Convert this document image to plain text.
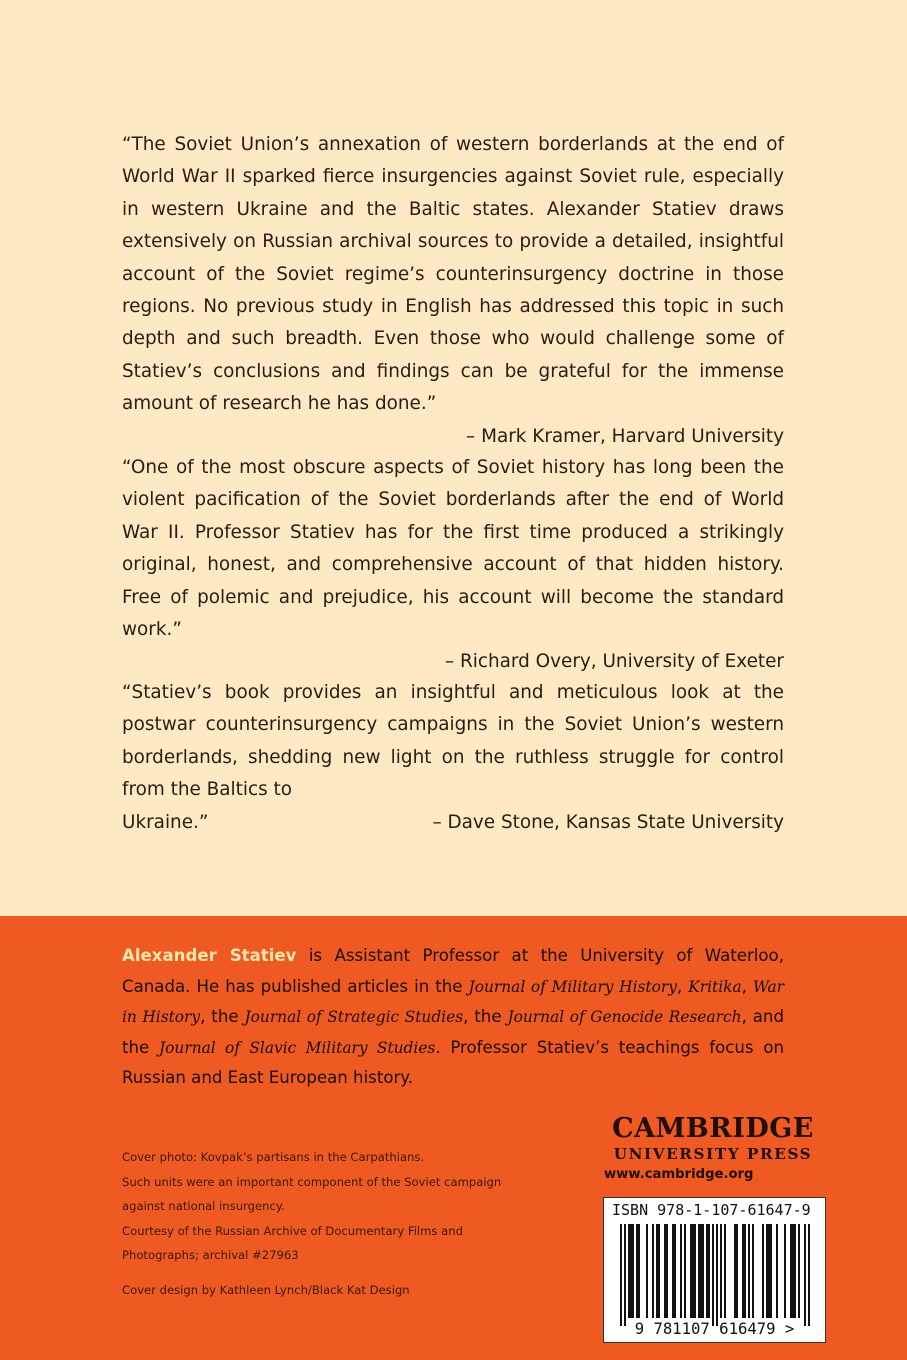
“The Soviet Union’s annexation of western borderlands at the end of World War II sparked fierce insurgencies against Soviet rule, especially in western Ukraine and the Baltic states. Alexander Statiev draws extensively on Russian archival sources to provide a detailed, insightful account of the Soviet regime’s counterinsurgency doctrine in those regions. No previous study in English has addressed this topic in such depth and such breadth. Even those who would challenge some of Statiev’s conclusions and findings can be grateful for the immense amount of research he has done.”

– Mark Kramer, Harvard University

“One of the most obscure aspects of Soviet history has long been the violent pacification of the Soviet borderlands after the end of World War II. Professor Statiev has for the first time produced a strikingly original, honest, and comprehensive account of that hidden history. Free of polemic and prejudice, his account will become the standard work.”

– Richard Overy, University of Exeter

“Statiev’s book provides an insightful and meticulous look at the postwar counterinsurgency campaigns in the Soviet Union’s western borderlands, shedding new light on the ruthless struggle for control from the Baltics to

Ukraine.”	– Dave Stone, Kansas State University

Alexander Statiev is Assistant Professor at the University of Waterloo, Canada. He has published articles in the Journal of Military History, Kritika, War in History, the Journal of Strategic Studies, the Journal of Genocide Research, and the Journal of Slavic Military Studies. Professor Statiev’s teachings focus on Russian and East European history.

Cover photo: Kovpak’s partisans in the Carpathians.

Such units were an important component of the Soviet campaign

against national insurgency.

Courtesy of the Russian Archive of Documentary Films and

Photographs; archival #27963

Cover design by Kathleen Lynch/Black Kat Design

CAMBRIDGE
UNIVERSITY PRESS
www.cambridge.org
ISBN 978-1-107-61647-9
9 781107 616479 >
